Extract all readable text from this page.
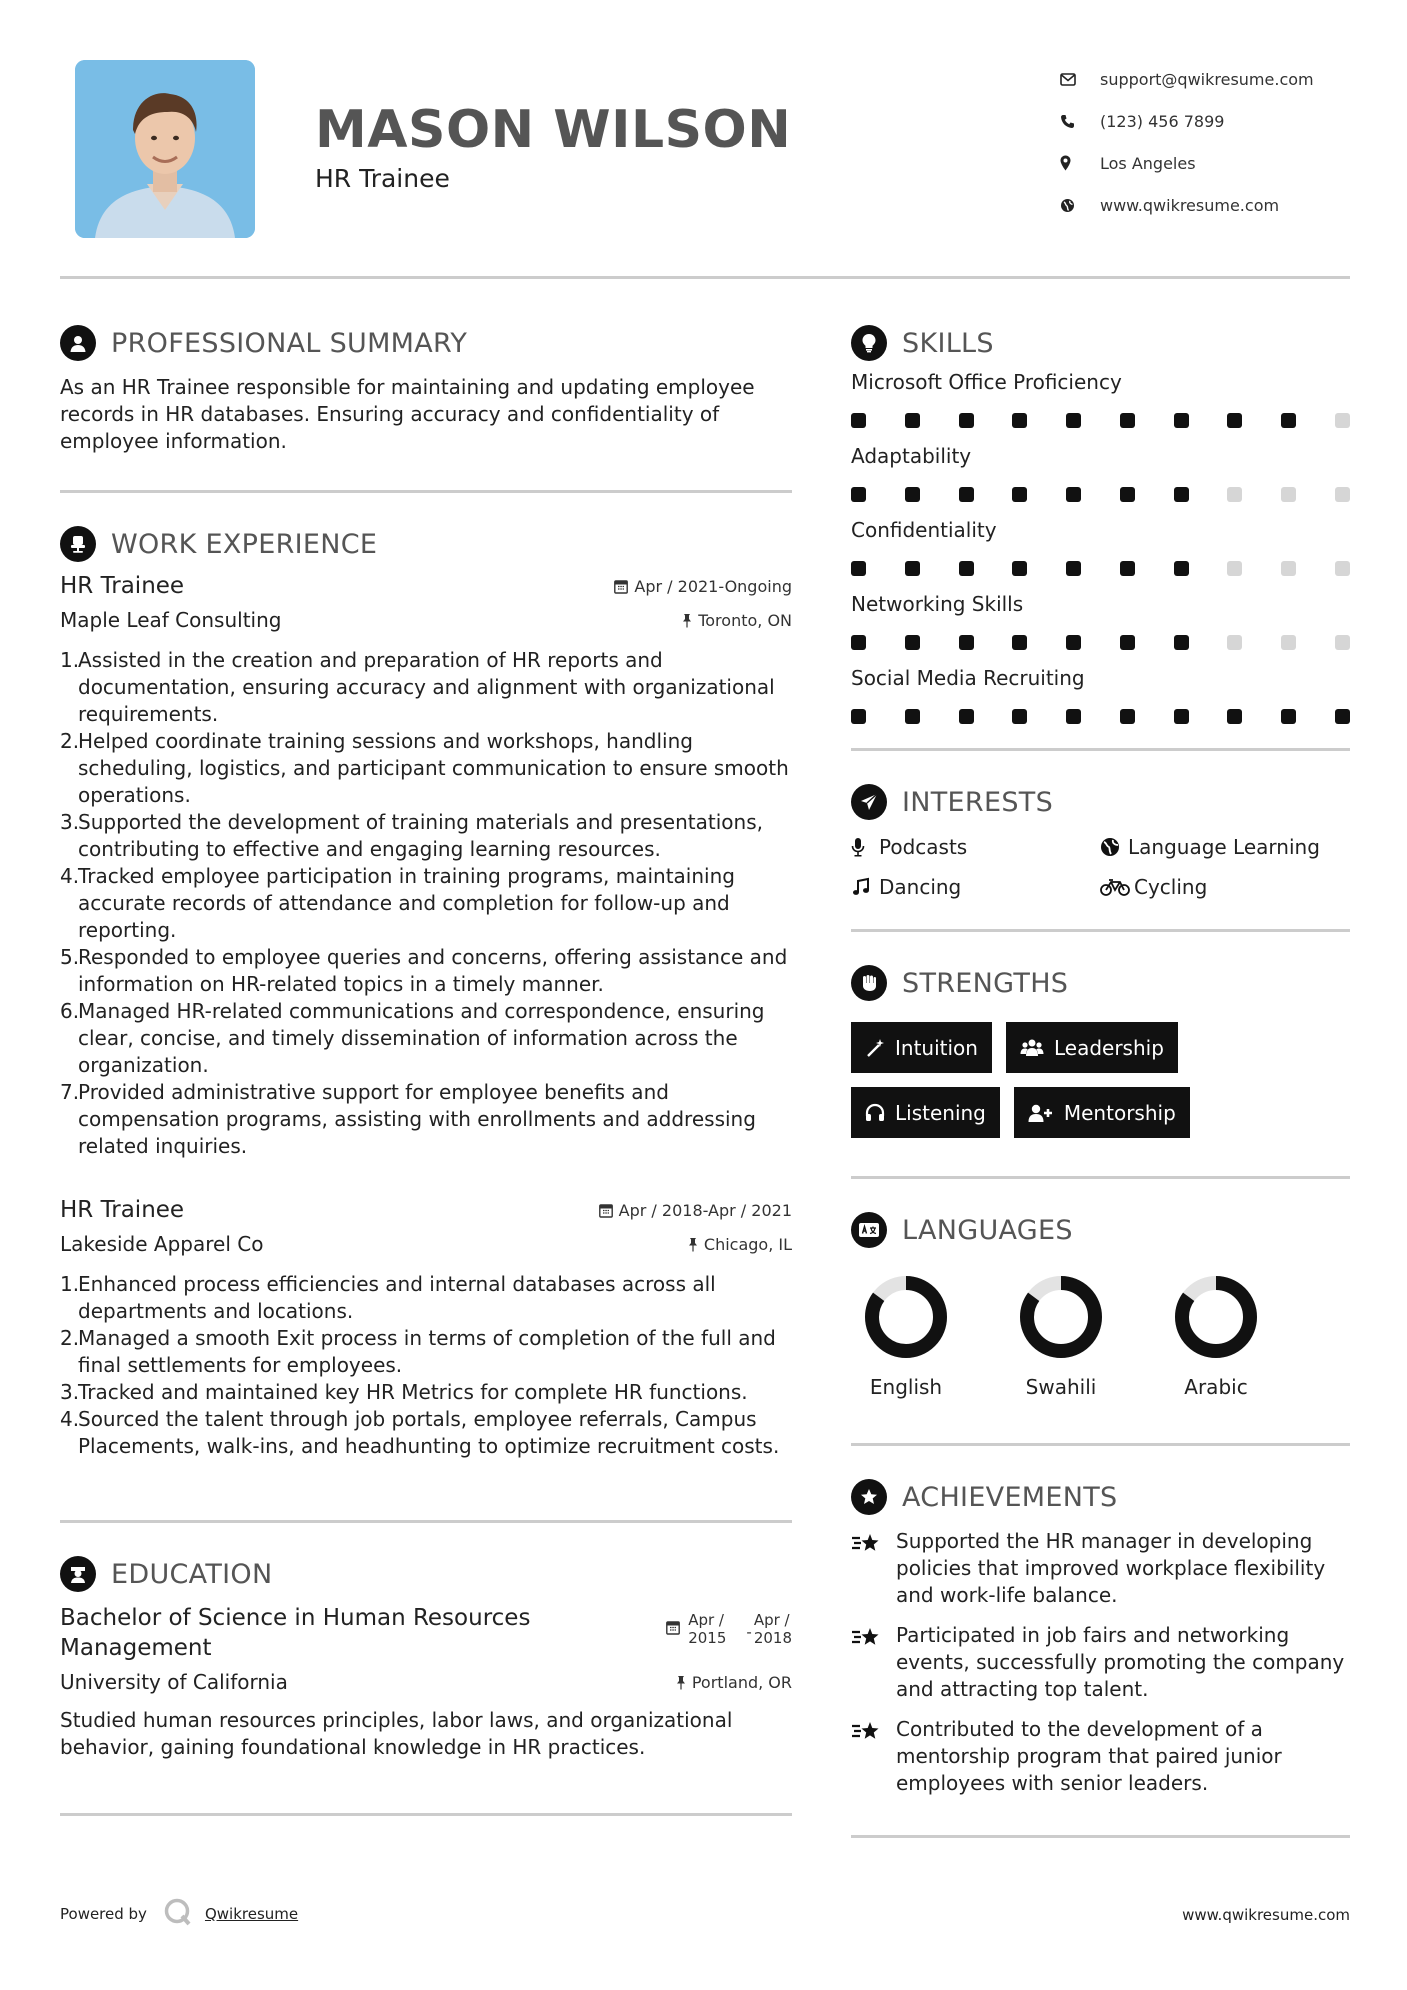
MASON WILSON
HR Trainee
support@qwikresume.com
(123) 456 7899
Los Angeles
www.qwikresume.com
PROFESSIONAL SUMMARY

As an HR Trainee responsible for maintaining and updating employee records in HR databases. Ensuring accuracy and confidentiality of employee information.

WORK EXPERIENCE
HR Trainee	Apr / 2021-Ongoing
Maple Leaf Consulting	Toronto, ON
1.
Assisted in the creation and preparation of HR reports and documentation, ensuring accuracy and alignment with organizational requirements.
2.
Helped coordinate training sessions and workshops, handling scheduling, logistics, and participant communication to ensure smooth operations.
3.
Supported the development of training materials and presentations, contributing to effective and engaging learning resources.
4.
Tracked employee participation in training programs, maintaining accurate records of attendance and completion for follow-up and reporting.
5.
Responded to employee queries and concerns, offering assistance and information on HR-related topics in a timely manner.
6.
Managed HR-related communications and correspondence, ensuring clear, concise, and timely dissemination of information across the organization.
7.
Provided administrative support for employee benefits and compensation programs, assisting with enrollments and addressing related inquiries.
HR Trainee	Apr / 2018-Apr / 2021
Lakeside Apparel Co	Chicago, IL
1.
Enhanced process efficiencies and internal databases across all departments and locations.
2.
Managed a smooth Exit process in terms of completion of the full and final settlements for employees.
3.
Tracked and maintained key HR Metrics for complete HR functions.
4.
Sourced the talent through job portals, employee referrals, Campus Placements, walk-ins, and headhunting to optimize recruitment costs.
EDUCATION
Bachelor of Science in Human Resources Management
Apr /
2015 -
Apr /
2018
University of California	Portland, OR

Studied human resources principles, labor laws, and organizational behavior, gaining foundational knowledge in HR practices.

SKILLS
Microsoft Office Proficiency
Adaptability
Confidentiality
Networking Skills
Social Media Recruiting
INTERESTS
Podcasts	Language Learning
Dancing	Cycling
STRENGTHS
Intuition	Leadership
Listening	Mentorship
LANGUAGES
English	Swahili	Arabic
ACHIEVEMENTS
Supported the HR manager in developing policies that improved workplace flexibility and work-life balance.
Participated in job fairs and networking events, successfully promoting the company and attracting top talent.
Contributed to the development of a mentorship program that paired junior employees with senior leaders.
Powered by	Qwikresume	www.qwikresume.com
